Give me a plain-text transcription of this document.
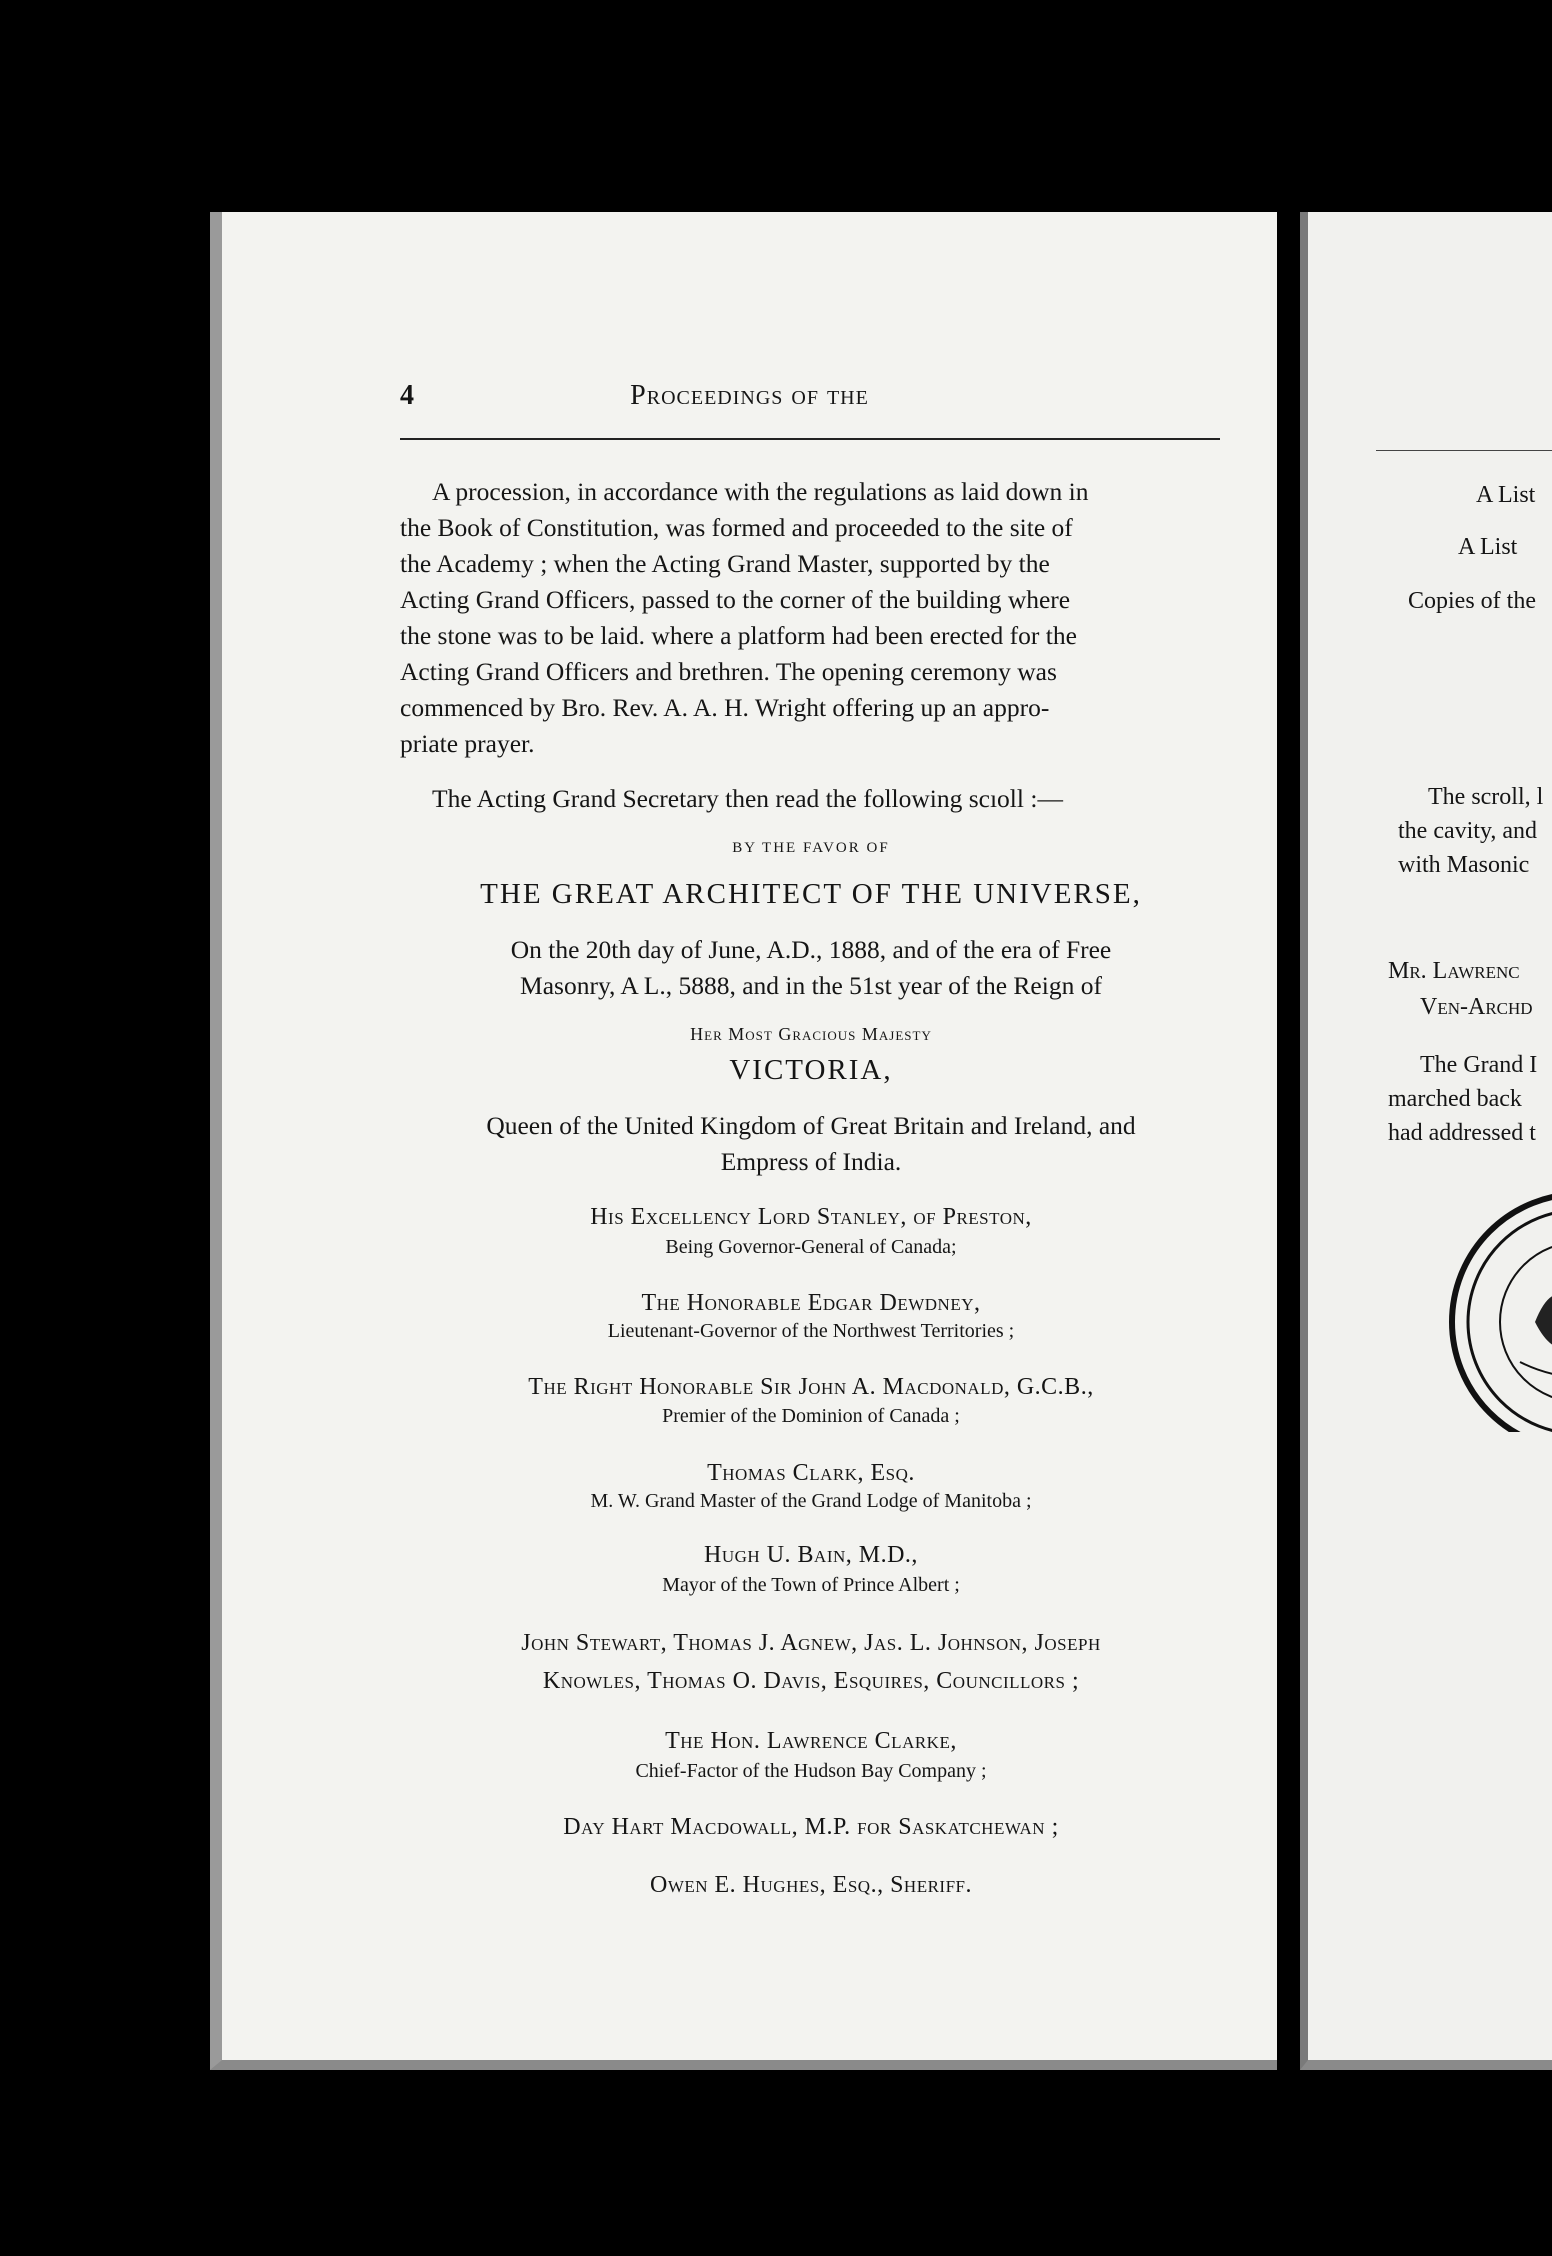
4	Proceedings of the
A procession, in accordance with the regulations as laid down in
the Book of Constitution, was formed and proceeded to the site of
the Academy ; when the Acting Grand Master, supported by the
Acting Grand Officers, passed to the corner of the building where
the stone was to be laid. where a platform had been erected for the
Acting Grand Officers and brethren. The opening ceremony was
commenced by Bro. Rev. A. A. H. Wright offering up an appro-
priate prayer.
The Acting Grand Secretary then read the following scıoll :—
BY THE FAVOR OF
THE GREAT ARCHITECT OF THE UNIVERSE,
On the 20th day of June, A.D., 1888, and of the era of Free
Masonry, A L., 5888, and in the 51st year of the Reign of
Her Most Gracious Majesty
VICTORIA,
Queen of the United Kingdom of Great Britain and Ireland, and
Empress of India.
His Excellency Lord Stanley, of Preston,
Being Governor-General of Canada;
The Honorable Edgar Dewdney,
Lieutenant-Governor of the Northwest Territories ;
The Right Honorable Sir John A. Macdonald, G.C.B.,
Premier of the Dominion of Canada ;
Thomas Clark, Esq.
M. W. Grand Master of the Grand Lodge of Manitoba ;
Hugh U. Bain, M.D.,
Mayor of the Town of Prince Albert ;
John Stewart, Thomas J. Agnew, Jas. L. Johnson, Joseph
Knowles, Thomas O. Davis, Esquires, Councillors ;
The Hon. Lawrence Clarke,
Chief-Factor of the Hudson Bay Company ;
Day Hart Macdowall, M.P. for Saskatchewan ;
Owen E. Hughes, Esq., Sheriff.
A List
A List
Copies of the
The scroll, l
the cavity, and
with Masonic
Mr. Lawrenc
Ven-Archd
The Grand I
marched back
had addressed t
